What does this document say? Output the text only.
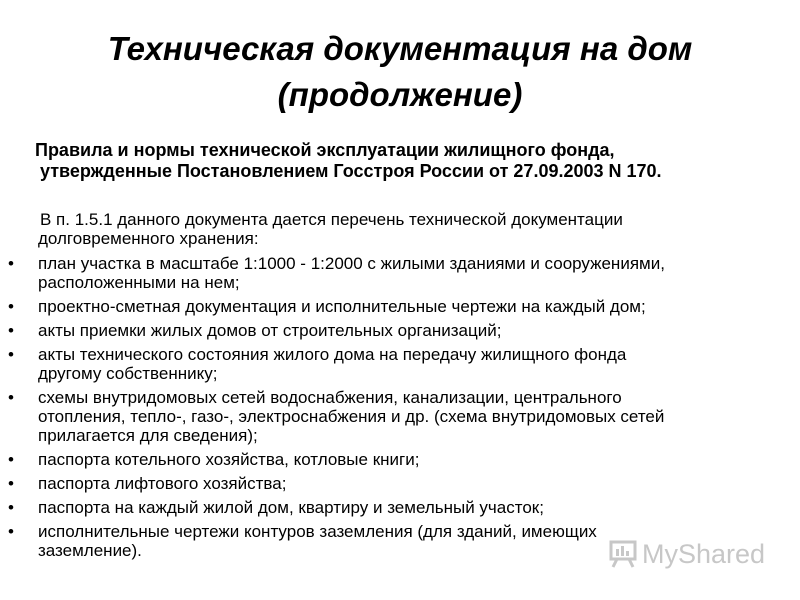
Техническая документация на дом
(продолжение)
Правила и нормы технической эксплуатации жилищного фонда,
утвержденные Постановлением Госстроя России от 27.09.2003 N 170.
В п. 1.5.1 данного документа дается перечень технической документации
долговременного хранения:
• план участка в масштабе 1:1000 - 1:2000 с жилыми зданиями и сооружениями,
расположенными на нем;
• проектно-сметная документация и исполнительные чертежи на каждый дом;
• акты приемки жилых домов от строительных организаций;
• акты технического состояния жилого дома на передачу жилищного фонда
другому собственнику;
• схемы внутридомовых сетей водоснабжения, канализации, центрального
отопления, тепло-, газо-, электроснабжения и др. (схема внутридомовых сетей
прилагается для сведения);
• паспорта котельного хозяйства, котловые книги;
• паспорта лифтового хозяйства;
• паспорта на каждый жилой дом, квартиру и земельный участок;
• исполнительные чертежи контуров заземления (для зданий, имеющих
заземление).	MyShared
